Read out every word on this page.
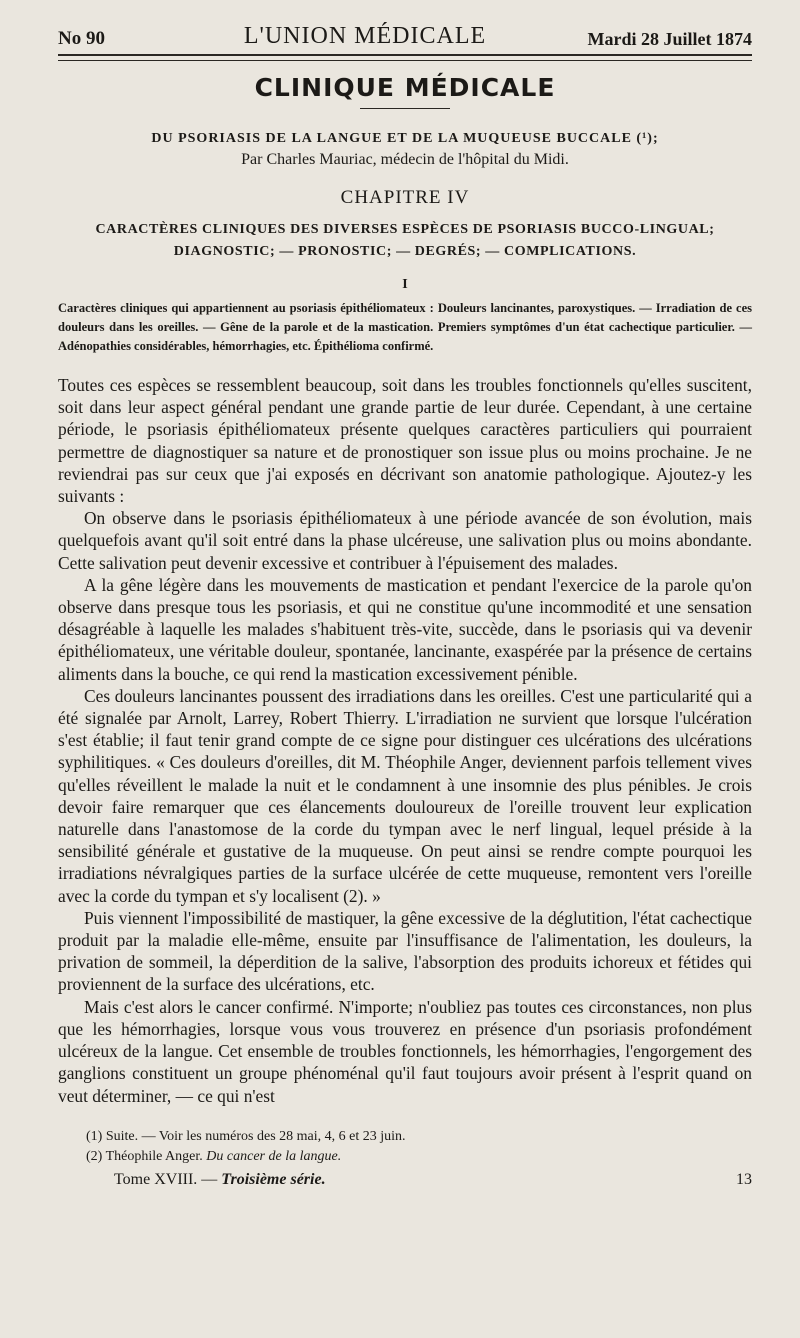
No 90	L'UNION MÉDICALE	Mardi 28 Juillet 1874
CLINIQUE MÉDICALE
DU PSORIASIS DE LA LANGUE ET DE LA MUQUEUSE BUCCALE (¹);
Par Charles Mauriac, médecin de l'hôpital du Midi.
CHAPITRE IV
CARACTÈRES CLINIQUES DES DIVERSES ESPÈCES DE PSORIASIS BUCCO-LINGUAL;
DIAGNOSTIC; — PRONOSTIC; — DEGRÉS; — COMPLICATIONS.
I
Caractères cliniques qui appartiennent au psoriasis épithéliomateux : Douleurs lancinantes, paroxystiques. — Irradiation de ces douleurs dans les oreilles. — Gêne de la parole et de la mastication. Premiers symptômes d'un état cachectique particulier. — Adénopathies considérables, hémorrhagies, etc. Épithélioma confirmé.

Toutes ces espèces se ressemblent beaucoup, soit dans les troubles fonctionnels qu'elles suscitent, soit dans leur aspect général pendant une grande partie de leur durée. Cependant, à une certaine période, le psoriasis épithéliomateux présente quelques caractères particuliers qui pourraient permettre de diagnostiquer sa nature et de pronostiquer son issue plus ou moins prochaine. Je ne reviendrai pas sur ceux que j'ai exposés en décrivant son anatomie pathologique. Ajoutez-y les suivants :

On observe dans le psoriasis épithéliomateux à une période avancée de son évolution, mais quelquefois avant qu'il soit entré dans la phase ulcéreuse, une salivation plus ou moins abondante. Cette salivation peut devenir excessive et contribuer à l'épuisement des malades.

A la gêne légère dans les mouvements de mastication et pendant l'exercice de la parole qu'on observe dans presque tous les psoriasis, et qui ne constitue qu'une incommodité et une sensation désagréable à laquelle les malades s'habituent très-vite, succède, dans le psoriasis qui va devenir épithéliomateux, une véritable douleur, spontanée, lancinante, exaspérée par la présence de certains aliments dans la bouche, ce qui rend la mastication excessivement pénible.

Ces douleurs lancinantes poussent des irradiations dans les oreilles. C'est une particularité qui a été signalée par Arnolt, Larrey, Robert Thierry. L'irradiation ne survient que lorsque l'ulcération s'est établie; il faut tenir grand compte de ce signe pour distinguer ces ulcérations des ulcérations syphilitiques. « Ces douleurs d'oreilles, dit M. Théophile Anger, deviennent parfois tellement vives qu'elles réveillent le malade la nuit et le condamnent à une insomnie des plus pénibles. Je crois devoir faire remarquer que ces élancements douloureux de l'oreille trouvent leur explication naturelle dans l'anastomose de la corde du tympan avec le nerf lingual, lequel préside à la sensibilité générale et gustative de la muqueuse. On peut ainsi se rendre compte pourquoi les irradiations névralgiques parties de la surface ulcérée de cette muqueuse, remontent vers l'oreille avec la corde du tympan et s'y localisent (2). »

Puis viennent l'impossibilité de mastiquer, la gêne excessive de la déglutition, l'état cachectique produit par la maladie elle-même, ensuite par l'insuffisance de l'alimentation, les douleurs, la privation de sommeil, la déperdition de la salive, l'absorption des produits ichoreux et fétides qui proviennent de la surface des ulcérations, etc.

Mais c'est alors le cancer confirmé. N'importe; n'oubliez pas toutes ces circonstances, non plus que les hémorrhagies, lorsque vous vous trouverez en présence d'un psoriasis profondément ulcéreux de la langue. Cet ensemble de troubles fonctionnels, les hémorrhagies, l'engorgement des ganglions constituent un groupe phénoménal qu'il faut toujours avoir présent à l'esprit quand on veut déterminer, — ce qui n'est

(1) Suite. — Voir les numéros des 28 mai, 4, 6 et 23 juin.

(2) Théophile Anger. Du cancer de la langue.

Tome XVIII. — Troisième série.	13
